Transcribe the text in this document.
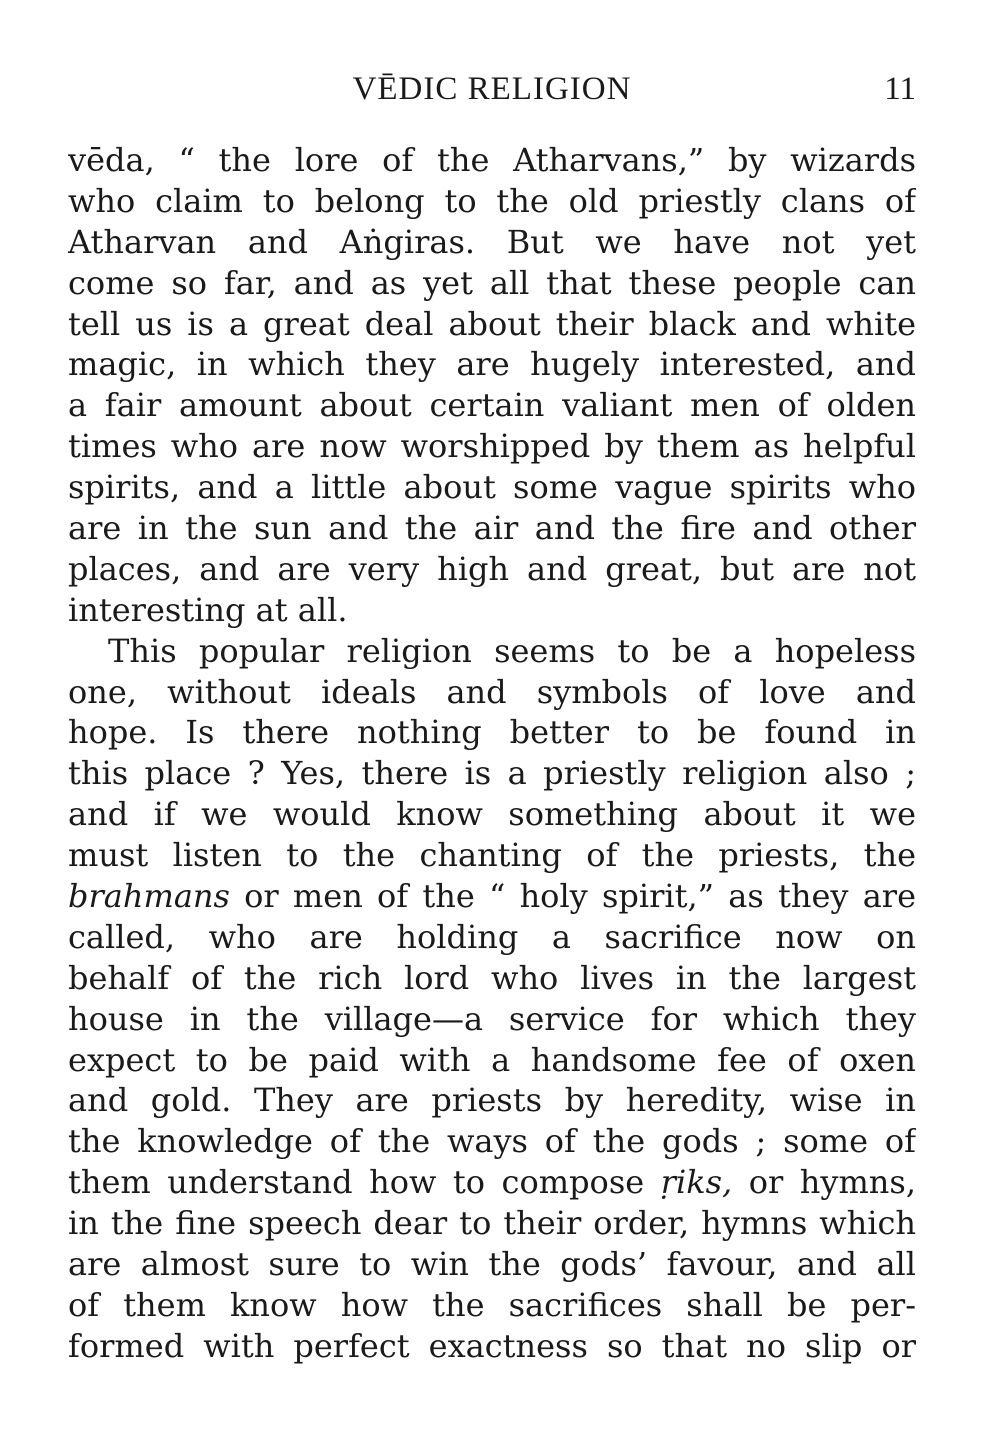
VĒDIC RELIGION	11
vēda, “ the lore of the Atharvans,” by wizards
who claim to belong to the old priestly clans of
Atharvan and Aṅgiras. But we have not yet
come so far, and as yet all that these people can
tell us is a great deal about their black and white
magic, in which they are hugely interested, and
a fair amount about certain valiant men of olden
times who are now worshipped by them as helpful
spirits, and a little about some vague spirits who
are in the sun and the air and the fire and other
places, and are very high and great, but are not
interesting at all.
This popular religion seems to be a hopeless
one, without ideals and symbols of love and
hope. Is there nothing better to be found in
this place ? Yes, there is a priestly religion also ;
and if we would know something about it we
must listen to the chanting of the priests, the
brahmans or men of the “ holy spirit,” as they are
called, who are holding a sacrifice now on
behalf of the rich lord who lives in the largest
house in the village—a service for which they
expect to be paid with a handsome fee of oxen
and gold. They are priests by heredity, wise in
the knowledge of the ways of the gods ; some of
them understand how to compose ṛiks, or hymns,
in the fine speech dear to their order, hymns which
are almost sure to win the gods’ favour, and all
of them know how the sacrifices shall be per-
formed with perfect exactness so that no slip or
